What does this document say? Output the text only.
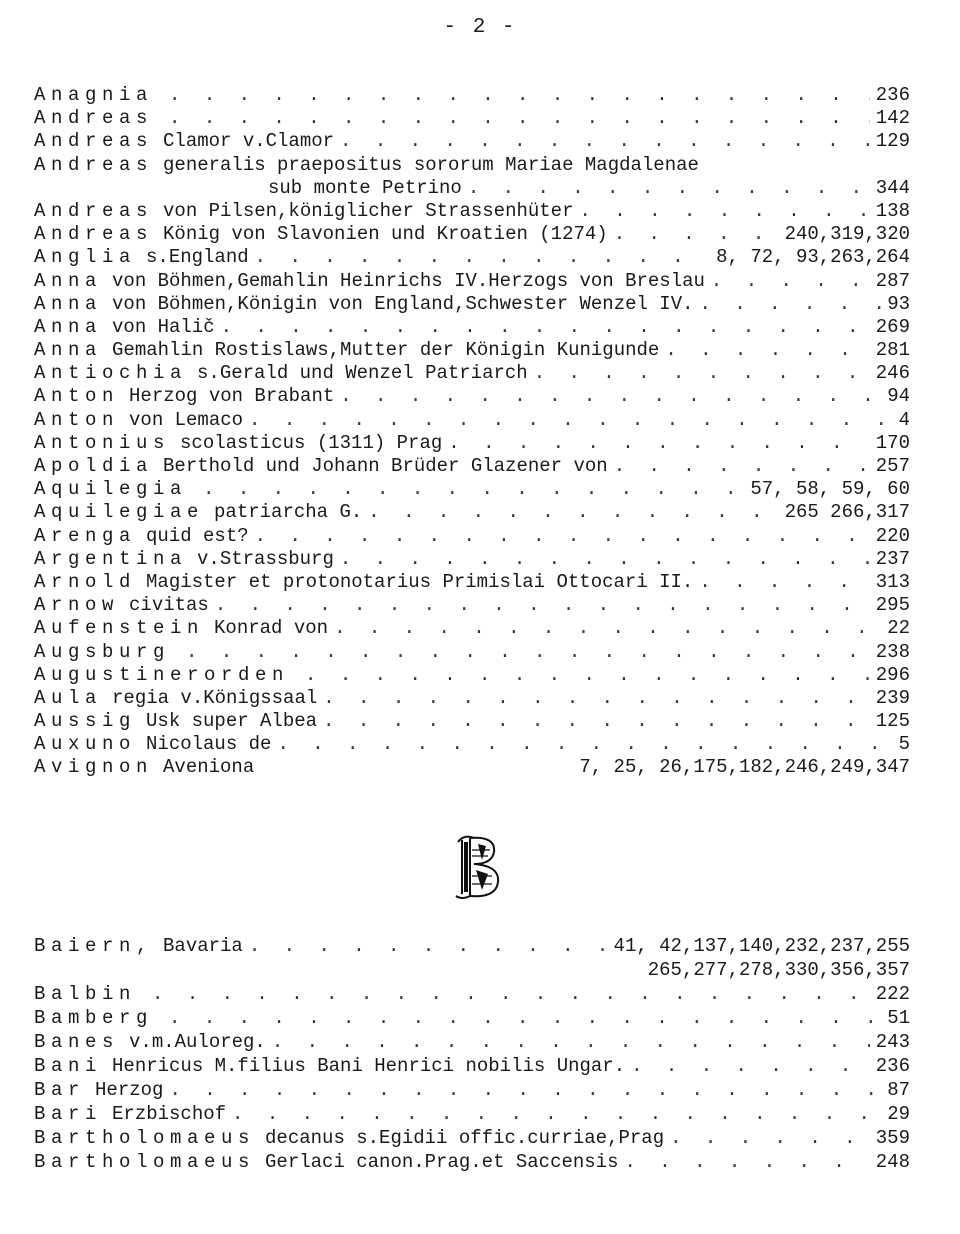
- 2 -
Anagnia . . .	236
Andreas . . .	142
Andreas Clamor v.Clamor . . .	129
Andreas generalis praepositus sororum Mariae Magdalenae
sub monte Petrino . . .	344
Andreas von Pilsen,königlicher Strassenhüter . . .	138
Andreas König von Slavonien und Kroatien (1274) . . .	240,319,320
Anglia s.England . . .	8, 72, 93,263,264
Anna von Böhmen,Gemahlin Heinrichs IV.Herzogs von Breslau . . .	287
Anna von Böhmen,Königin von England,Schwester Wenzel IV. . . .	93
Anna von Halič . . .	269
Anna Gemahlin Rostislaws,Mutter der Königin Kunigunde . . .	281
Antiochia s.Gerald und Wenzel Patriarch . . .	246
Anton Herzog von Brabant . . .	94
Anton von Lemaco . . .	4
Antonius scolasticus (1311) Prag . . .	170
Apoldia Berthold und Johann Brüder Glazener von . . .	257
Aquilegia . . .	57, 58, 59, 60
Aquilegiae patriarcha G. . . .	265 266,317
Arenga quid est? . . .	220
Argentina v.Strassburg . . .	237
Arnold Magister et protonotarius Primislai Ottocari II. . . .	313
Arnow civitas . . .	295
Aufenstein Konrad von . . .	22
Augsburg . . .	238
Augustinerorden . . .	296
Aula regia v.Königssaal . . .	239
Aussig Usk super Albea . . .	125
Auxuno Nicolaus de . . .	5
Avignon Aveniona	7, 25, 26,175,182,246,249,347
Baiern, Bavaria . . .	41, 42,137,140,232,237,255
265,277,278,330,356,357
Balbin . . .	222
Bamberg . . .	51
Banes v.m.Auloreg. . . .	243
Bani Henricus M.filius Bani Henrici nobilis Ungar. . . .	236
Bar Herzog . . .	87
Bari Erzbischof . . .	29
Bartholomaeus decanus s.Egidii offic.curriae,Prag . . .	359
Bartholomaeus Gerlaci canon.Prag.et Saccensis . . .	248
